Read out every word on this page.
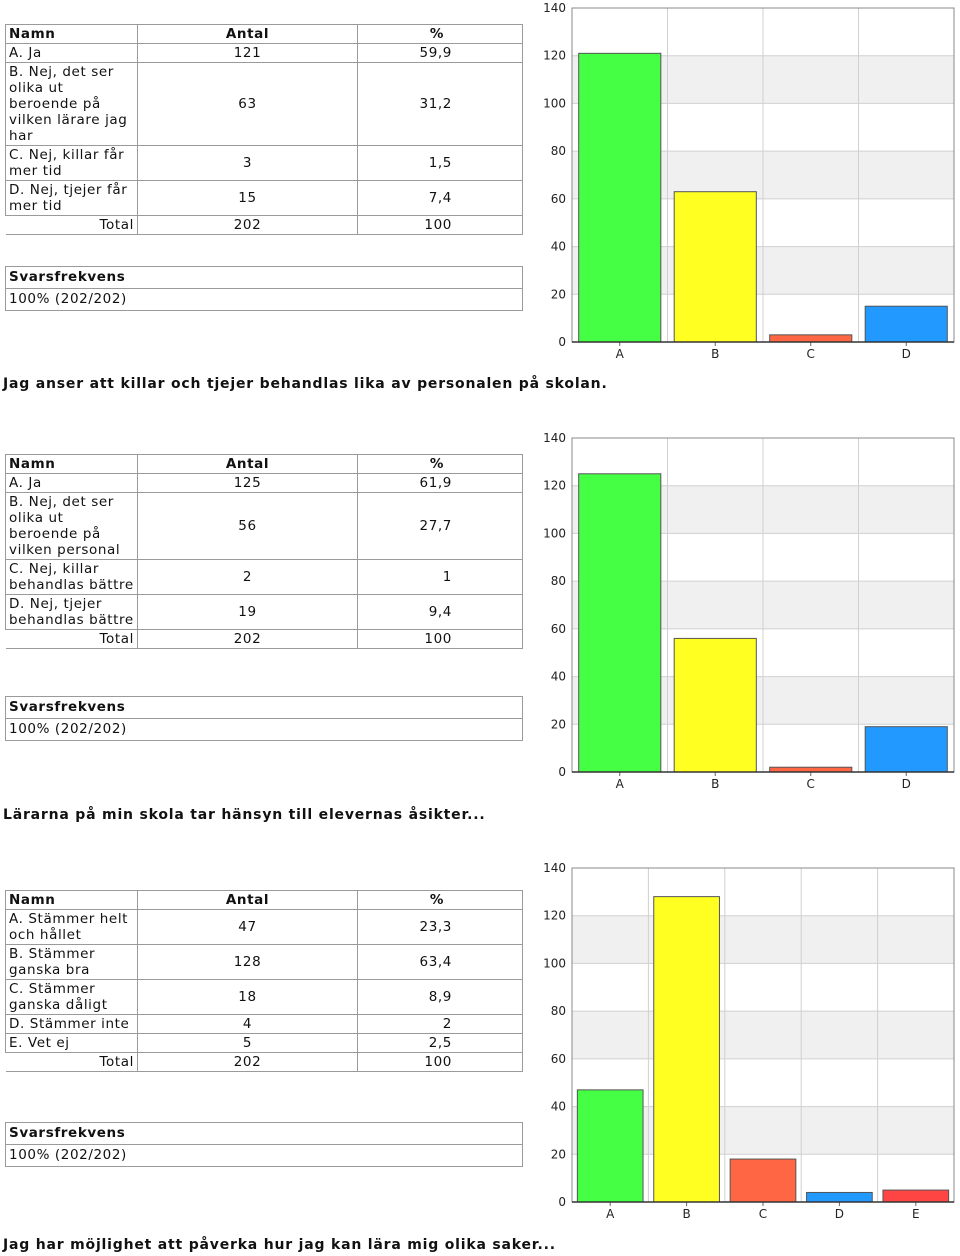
Namn	Antal	%
A. Ja	121	59,9
B. Nej, det ser olika ut beroende på vilken lärare jag har	63	31,2
C. Nej, killar får mer tid	3	1,5
D. Nej, tjejer får mer tid	15	7,4
Total	202	100
Svarsfrekvens
100% (202/202)
0
20
40
60
80
100
120
140
A	B	C	D
Jag anser att killar och tjejer behandlas lika av personalen på skolan.
Namn	Antal	%
A. Ja	125	61,9
B. Nej, det ser olika ut beroende på vilken personal	56	27,7
C. Nej, killar behandlas bättre	2	1
D. Nej, tjejer behandlas bättre	19	9,4
Total	202	100
Svarsfrekvens
100% (202/202)
0
20
40
60
80
100
120
140
A	B	C	D
Lärarna på min skola tar hänsyn till elevernas åsikter...
Namn	Antal	%
A. Stämmer helt och hållet	47	23,3
B. Stämmer ganska bra	128	63,4
C. Stämmer ganska dåligt	18	8,9
D. Stämmer inte	4	2
E. Vet ej	5	2,5
Total	202	100
Svarsfrekvens
100% (202/202)
0
20
40
60
80
100
120
140
A	B	C	D	E
Jag har möjlighet att påverka hur jag kan lära mig olika saker...
